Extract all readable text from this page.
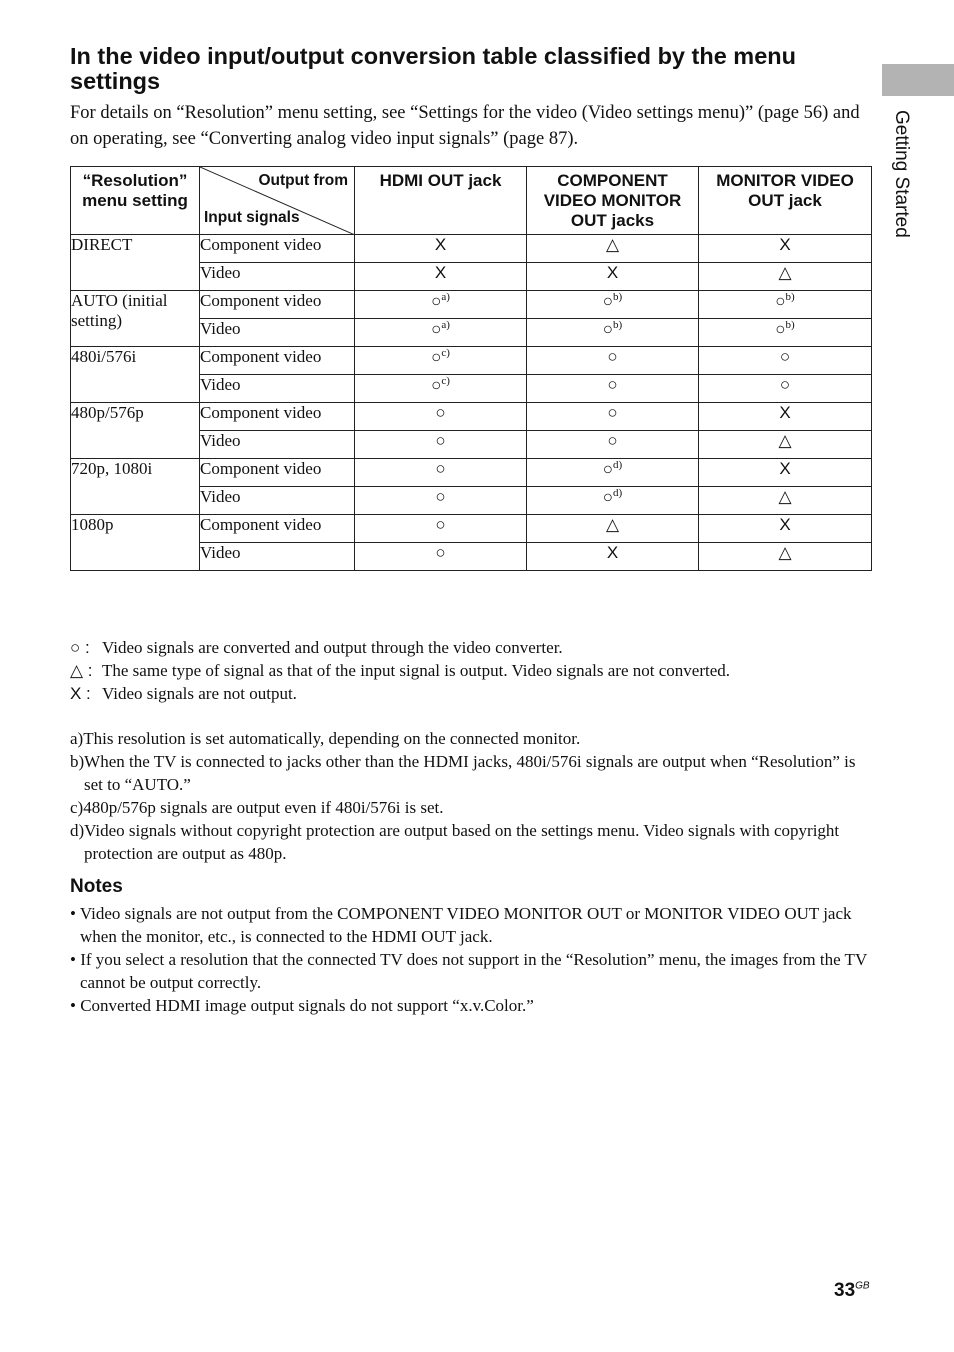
Getting Started
In the video input/output conversion table classified by the menu settings

For details on “Resolution” menu setting, see “Settings for the video (Video settings menu)” (page 56) and on operating, see “Converting analog video input signals” (page 87).

“Resolution” menu setting	Output from
Input signals	HDMI OUT jack	COMPONENT VIDEO MONITOR OUT jacks	MONITOR VIDEO OUT jack
DIRECT	Component video	X	△	X
	Video	X	X	△
AUTO (initial setting)	Component video	○$^{a)}$	○$^{b)}$	○$^{b)}$
	Video	○$^{a)}$	○$^{b)}$	○$^{b)}$
480i/576i	Component video	○$^{c)}$	○	○
	Video	○$^{c)}$	○	○
480p/576p	Component video	○	○	X
	Video	○	○	△
720p, 1080i	Component video	○	○$^{d)}$	X
	Video	○	○$^{d)}$	△
1080p	Component video	○	△	X
	Video	○	X	△
○ : Video signals are converted and output through the video converter.
△ : The same type of signal as that of the input signal is output. Video signals are not converted.
X : Video signals are not output.
a)This resolution is set automatically, depending on the connected monitor.
b)When the TV is connected to jacks other than the HDMI jacks, 480i/576i signals are output when “Resolution” is set to “AUTO.”
c)480p/576p signals are output even if 480i/576i is set.
d)Video signals without copyright protection are output based on the settings menu. Video signals with copyright protection are output as 480p.
Notes
• Video signals are not output from the COMPONENT VIDEO MONITOR OUT or MONITOR VIDEO OUT jack when the monitor, etc., is connected to the HDMI OUT jack.
• If you select a resolution that the connected TV does not support in the “Resolution” menu, the images from the TV cannot be output correctly.
• Converted HDMI image output signals do not support “x.v.Color.”
$33^{GB}$
